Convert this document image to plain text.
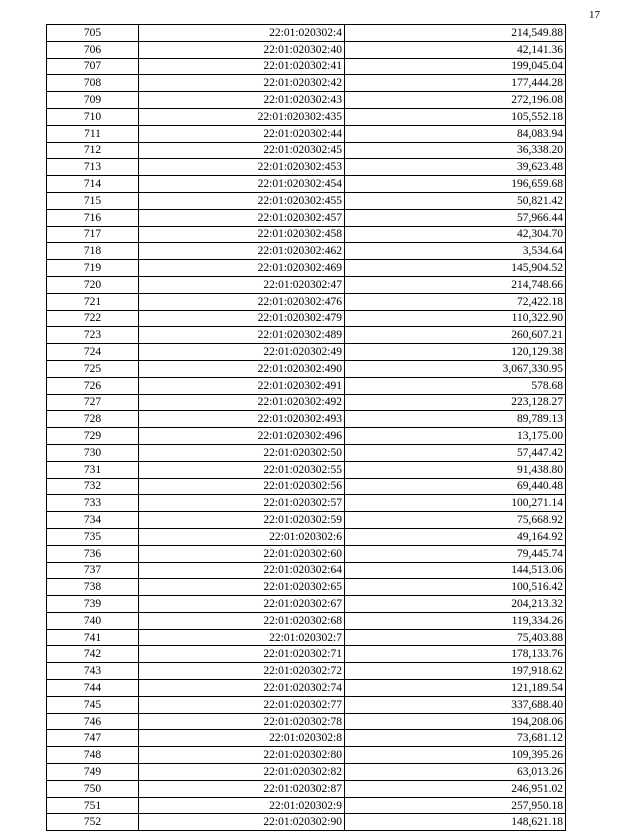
17
705	22:01:020302:4	214,549.88
706	22:01:020302:40	42,141.36
707	22:01:020302:41	199,045.04
708	22:01:020302:42	177,444.28
709	22:01:020302:43	272,196.08
710	22:01:020302:435	105,552.18
711	22:01:020302:44	84,083.94
712	22:01:020302:45	36,338.20
713	22:01:020302:453	39,623.48
714	22:01:020302:454	196,659.68
715	22:01:020302:455	50,821.42
716	22:01:020302:457	57,966.44
717	22:01:020302:458	42,304.70
718	22:01:020302:462	3,534.64
719	22:01:020302:469	145,904.52
720	22:01:020302:47	214,748.66
721	22:01:020302:476	72,422.18
722	22:01:020302:479	110,322.90
723	22:01:020302:489	260,607.21
724	22:01:020302:49	120,129.38
725	22:01:020302:490	3,067,330.95
726	22:01:020302:491	578.68
727	22:01:020302:492	223,128.27
728	22:01:020302:493	89,789.13
729	22:01:020302:496	13,175.00
730	22:01:020302:50	57,447.42
731	22:01:020302:55	91,438.80
732	22:01:020302:56	69,440.48
733	22:01:020302:57	100,271.14
734	22:01:020302:59	75,668.92
735	22:01:020302:6	49,164.92
736	22:01:020302:60	79,445.74
737	22:01:020302:64	144,513.06
738	22:01:020302:65	100,516.42
739	22:01:020302:67	204,213.32
740	22:01:020302:68	119,334.26
741	22:01:020302:7	75,403.88
742	22:01:020302:71	178,133.76
743	22:01:020302:72	197,918.62
744	22:01:020302:74	121,189.54
745	22:01:020302:77	337,688.40
746	22:01:020302:78	194,208.06
747	22:01:020302:8	73,681.12
748	22:01:020302:80	109,395.26
749	22:01:020302:82	63,013.26
750	22:01:020302:87	246,951.02
751	22:01:020302:9	257,950.18
752	22:01:020302:90	148,621.18
